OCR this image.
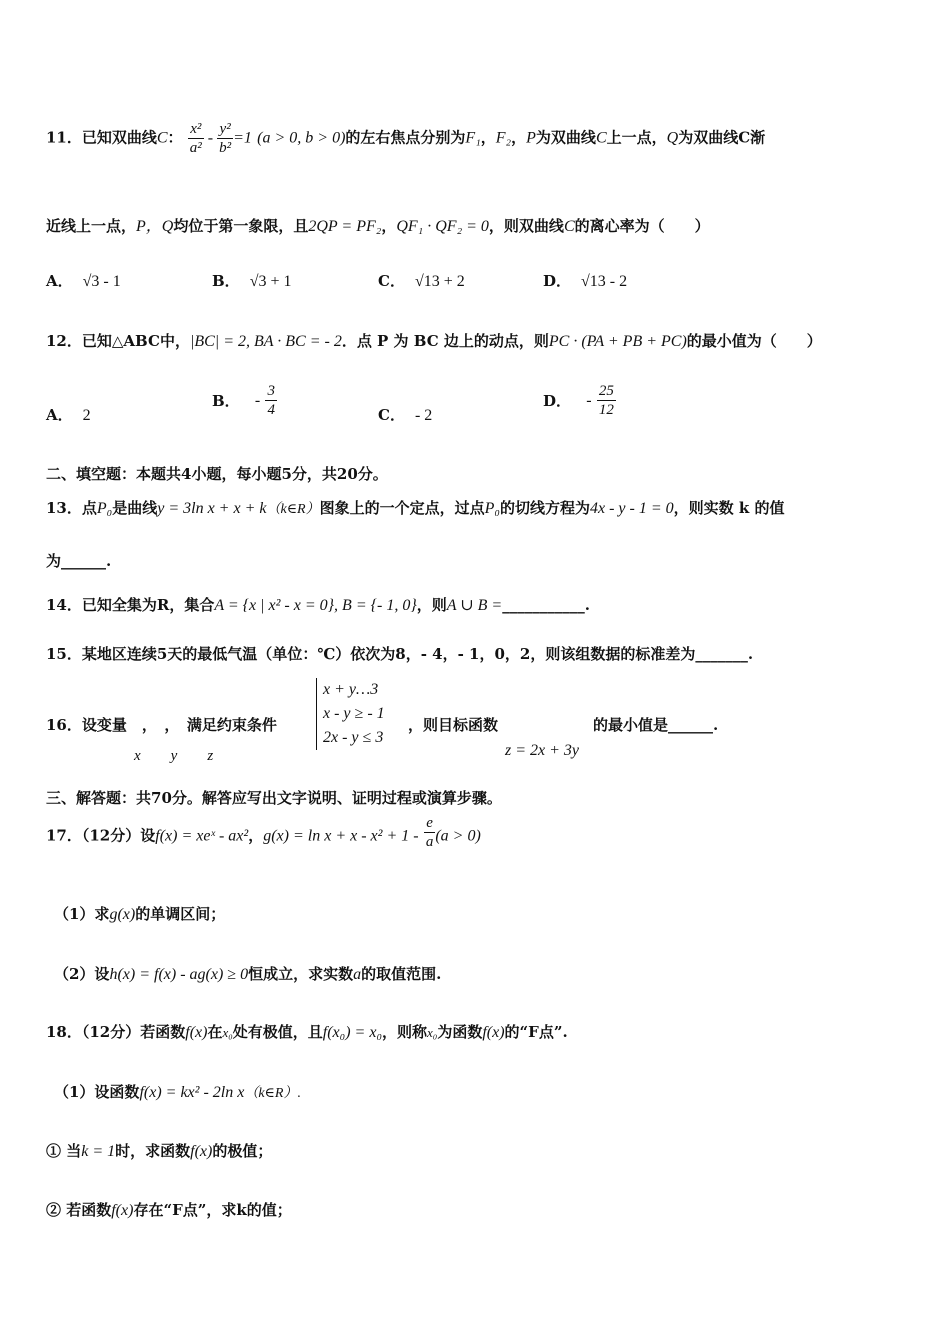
11．已知双曲线C： $\frac{\text{x²}}{\text{a²}} - \frac{\text{y²}}{\text{b²}} =1$ (a > 0, b > 0)的左右焦点分别为F₁，F₂，P为双曲线C上一点，Q为双曲线C渐
近线上一点，P，Q均位于第一象限，且2QP = PF₂，QF₁ · QF₂ = 0，则双曲线C的离心率为（　　）
A． √3 - 1	B． √3 + 1	C． √13 + 2	D． √13 - 2
12．已知△ABC中，|BC| = 2, BA · BC = - 2．点 P 为 BC 边上的动点，则PC · (PA + PB + PC)的最小值为（　　）
A． 2
B． - $\frac{3}{4}$	C． - 2
D． - $\frac{25}{12}$
二、填空题：本题共4小题，每小题5分，共20分。
13．点P₀是曲线y = 3ln x + x + k（k∈R）图象上的一个定点，过点P₀的切线方程为4x - y - 1 = 0，则实数 k 的值
为______.
14．已知全集为R，集合A = {x | x² - x = 0}, B = {- 1, 0}，则A ∪ B =___________.
15．某地区连续5天的最低气温（单位：℃）依次为8，- 4，- 1，0，2，则该组数据的标准差为_______.
16．设变量　，　，　满足约束条件
x　　y　　z
x + y…3
x - y ≥ - 1
2x - y ≤ 3
，则目标函数
z = 2x + 3y
的最小值是______.
三、解答题：共70分。解答应写出文字说明、证明过程或演算步骤。
17．（12分）设f(x) = xeˣ - ax²，$g(x) = \ln x + x - x^2 + 1 - \frac{e}{a} (a > 0)$
（1）求g(x)的单调区间；
（2）设h(x) = f(x) - ag(x) ≥ 0恒成立，求实数a的取值范围.
18．（12分）若函数f(x)在x₀处有极值，且f(x₀) = x₀，则称x₀为函数f(x)的“F点”.
（1）设函数f(x) = kx² - 2ln x（k∈R）.
① 当k = 1时，求函数f(x)的极值；
② 若函数f(x)存在“F点”，求k的值；
